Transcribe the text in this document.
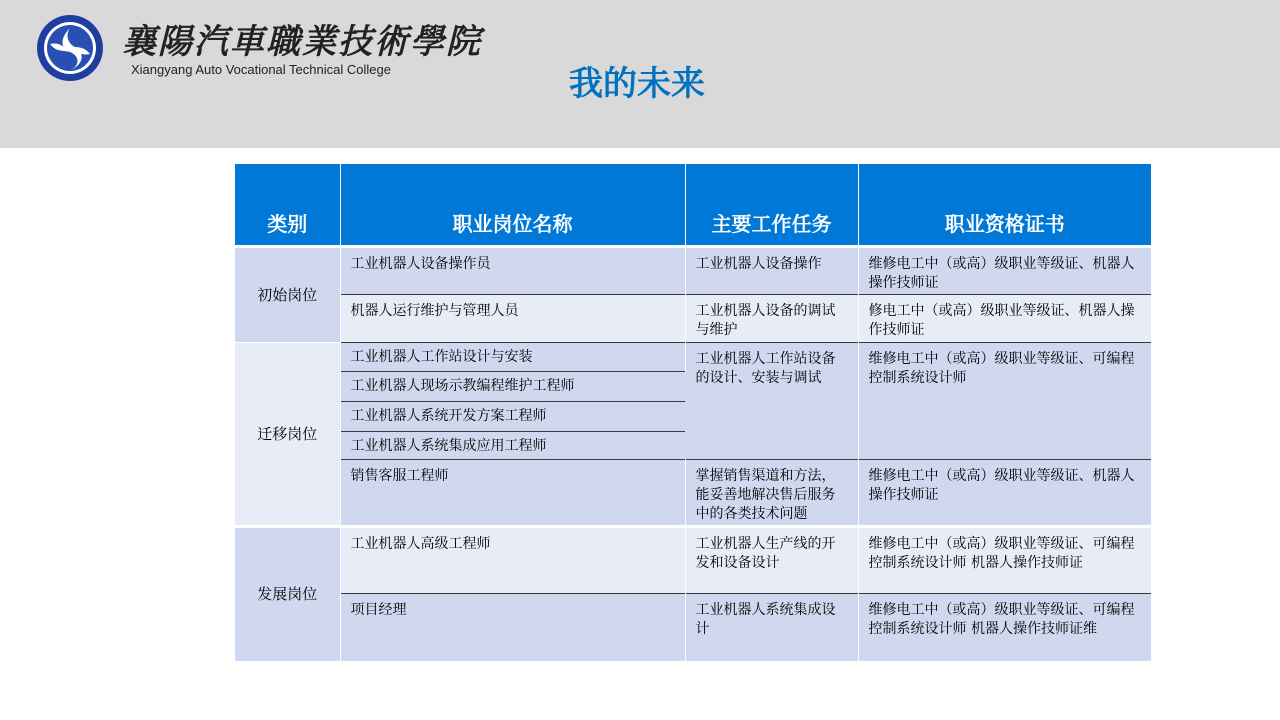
襄陽汽車職業技術學院
Xiangyang Auto Vocational Technical College	我的未来
类别	职业岗位名称	主要工作任务	职业资格证书
初始岗位	工业机器人设备操作员	工业机器人设备操作	维修电工中（或高）级职业等级证、机器人操作技师证
	机器人运行维护与管理人员	工业机器人设备的调试与维护	修电工中（或高）级职业等级证、机器人操作技师证
迁移岗位	工业机器人工作站设计与安装	工业机器人工作站设备的设计、安装与调试	维修电工中（或高）级职业等级证、可编程控制系统设计师
	工业机器人现场示教编程维护工程师		
	工业机器人系统开发方案工程师		
	工业机器人系统集成应用工程师		
	销售客服工程师	掌握销售渠道和方法，能妥善地解决售后服务中的各类技术问题	维修电工中（或高）级职业等级证、机器人操作技师证
发展岗位	工业机器人高级工程师	工业机器人生产线的开发和设备设计	维修电工中（或高）级职业等级证、可编程控制系统设计师 机器人操作技师证
	项目经理	工业机器人系统集成设计	维修电工中（或高）级职业等级证、可编程控制系统设计师 机器人操作技师证维
